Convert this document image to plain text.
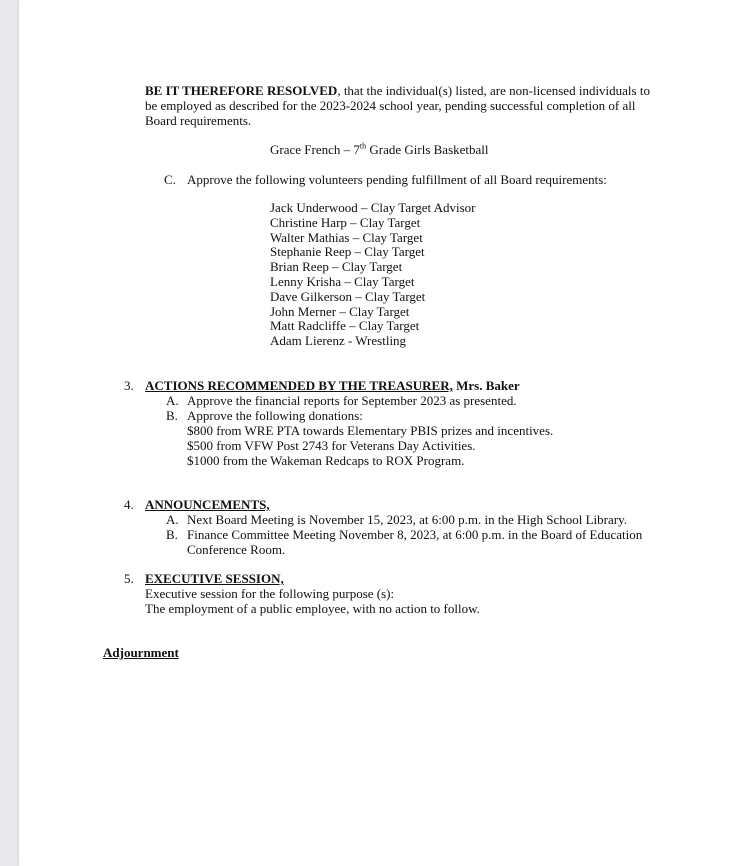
BE IT THEREFORE RESOLVED, that the individual(s) listed, are non-licensed individuals to be employed as described for the 2023-2024 school year, pending successful completion of all Board requirements.
Grace French – 7th Grade Girls Basketball
C. Approve the following volunteers pending fulfillment of all Board requirements:
Jack Underwood – Clay Target Advisor
Christine Harp – Clay Target
Walter Mathias – Clay Target
Stephanie Reep – Clay Target
Brian Reep – Clay Target
Lenny Krisha – Clay Target
Dave Gilkerson – Clay Target
John Merner – Clay Target
Matt Radcliffe – Clay Target
Adam Lierenz - Wrestling
3. ACTIONS RECOMMENDED BY THE TREASURER, Mrs. Baker
A. Approve the financial reports for September 2023 as presented.
B. Approve the following donations:
$800 from WRE PTA towards Elementary PBIS prizes and incentives.
$500 from VFW Post 2743 for Veterans Day Activities.
$1000 from the Wakeman Redcaps to ROX Program.
4. ANNOUNCEMENTS,
A. Next Board Meeting is November 15, 2023, at 6:00 p.m. in the High School Library.
B. Finance Committee Meeting November 8, 2023, at 6:00 p.m. in the Board of Education
Conference Room.
5. EXECUTIVE SESSION,
Executive session for the following purpose (s):
The employment of a public employee, with no action to follow.
Adjournment
